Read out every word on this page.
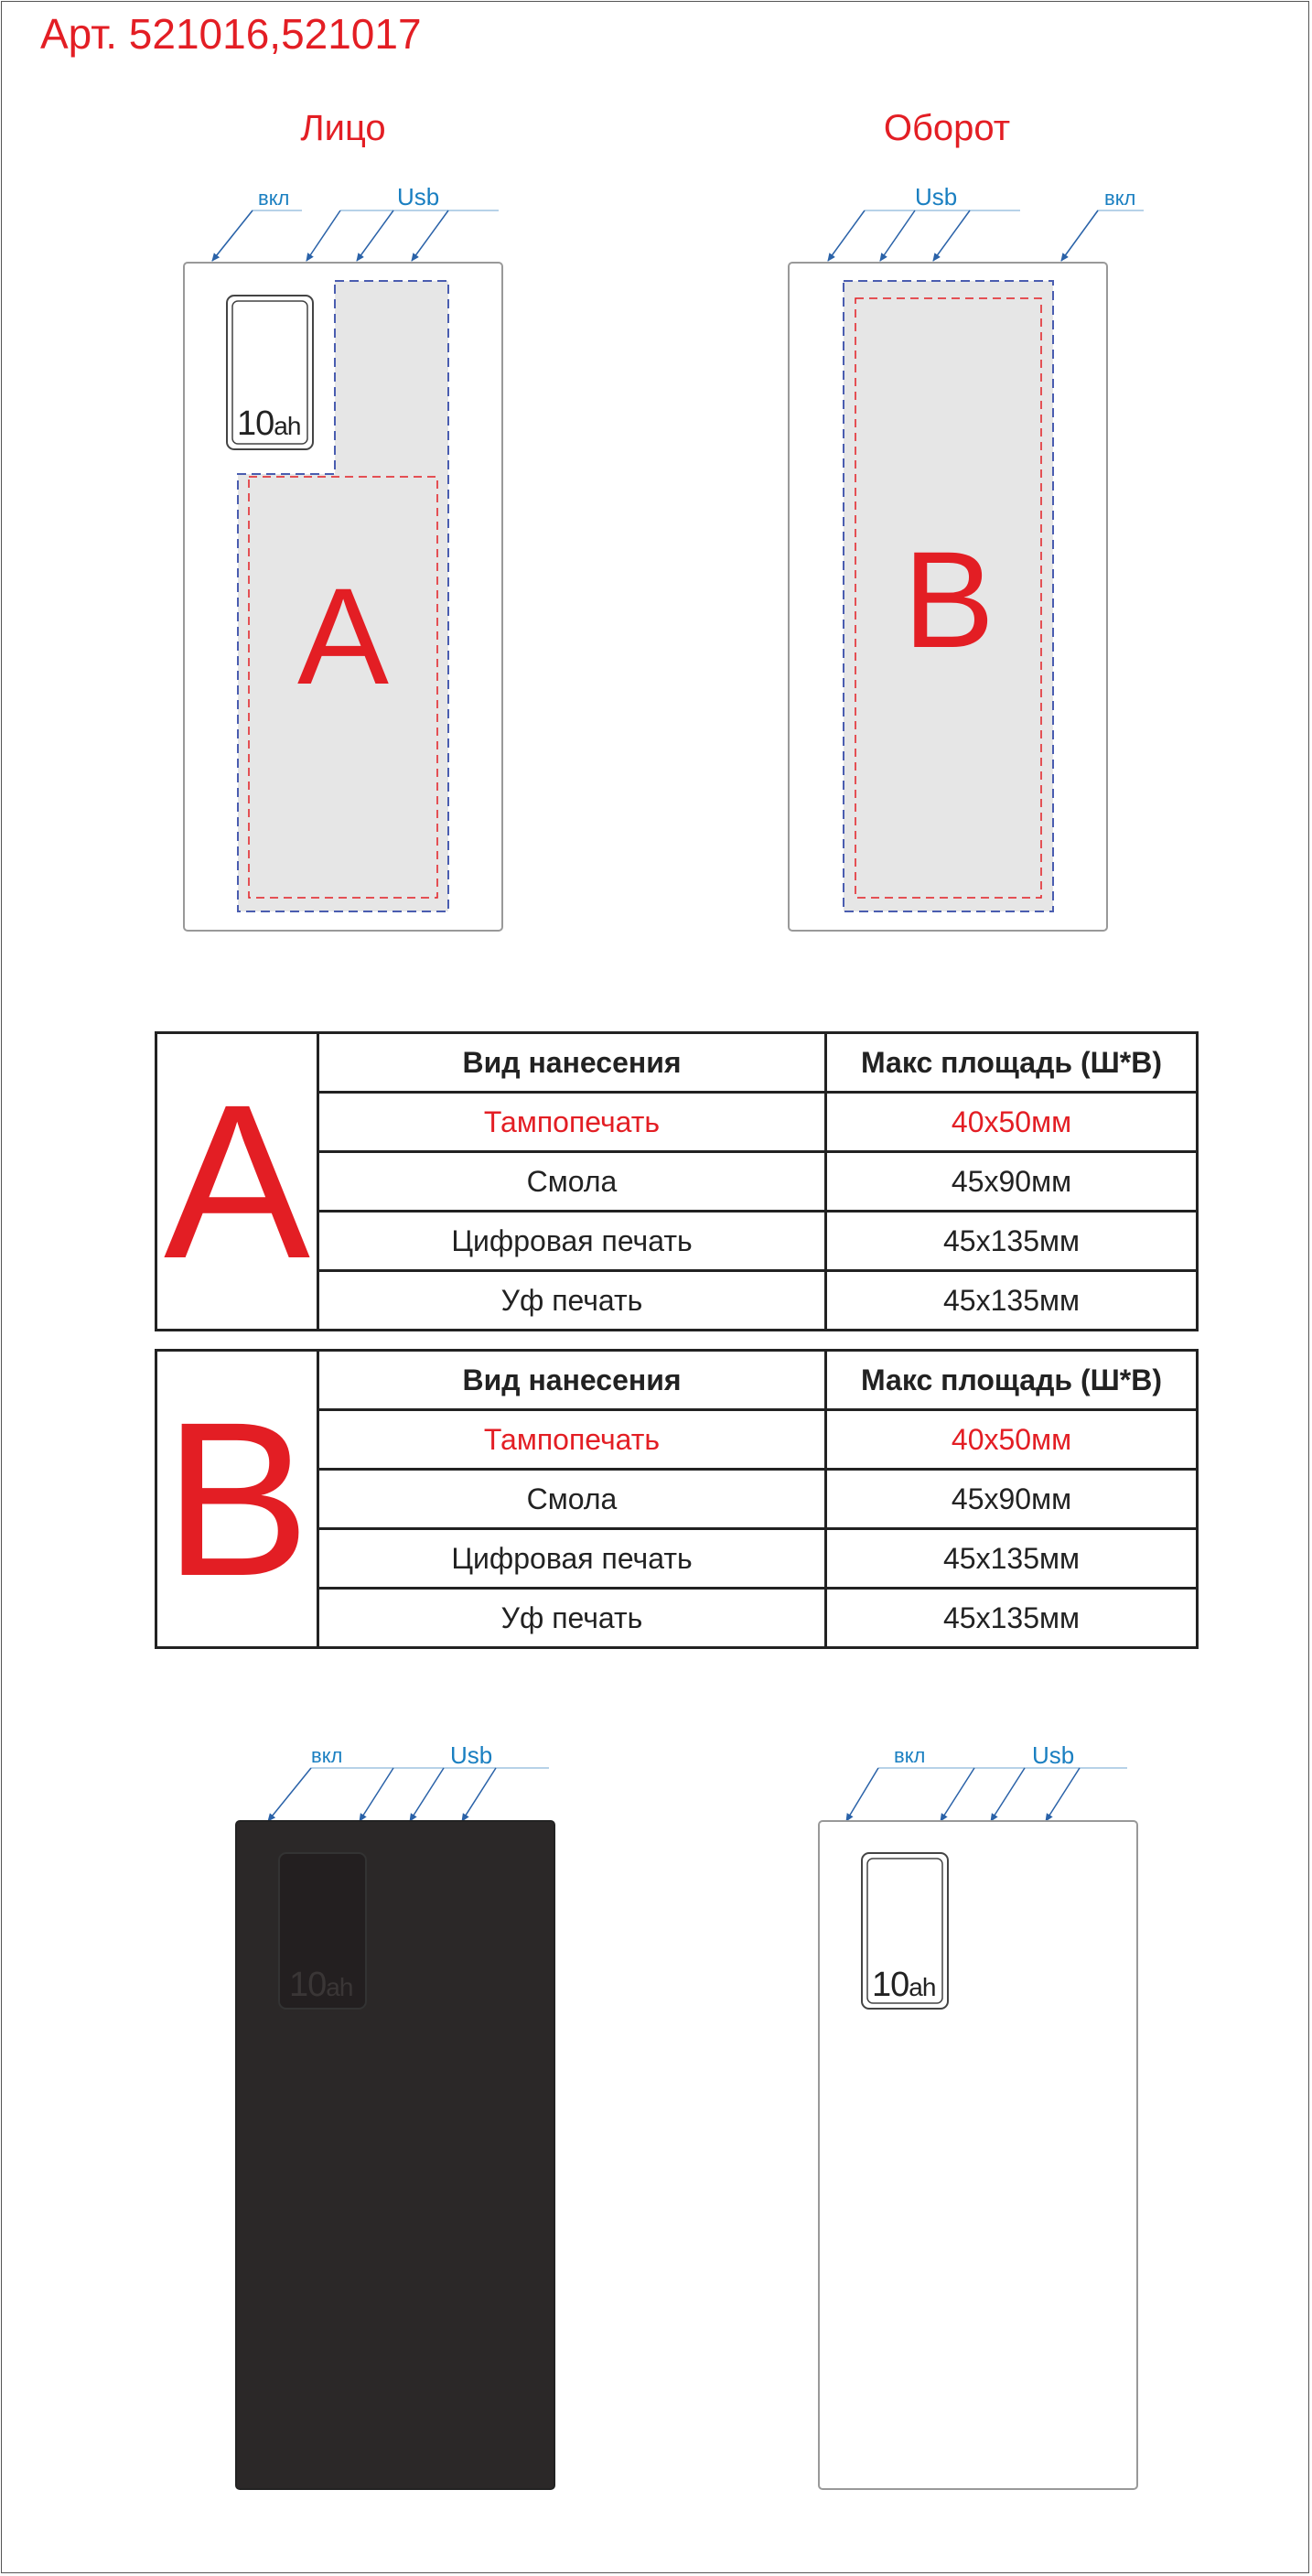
Арт. 521016,521017
Лицо	Оборот
вкл	Usb	Usb	вкл
A	B
10ah
10ah	10ah
вкл	Usb	вкл	Usb
A	Вид нанесения	Макс площадь (Ш*В)
	Тампопечать	40х50мм
	Смола	45х90мм
	Цифровая печать	45х135мм
	Уф печать	45х135мм
B	Вид нанесения	Макс площадь (Ш*В)
	Тампопечать	40х50мм
	Смола	45х90мм
	Цифровая печать	45х135мм
	Уф печать	45х135мм
